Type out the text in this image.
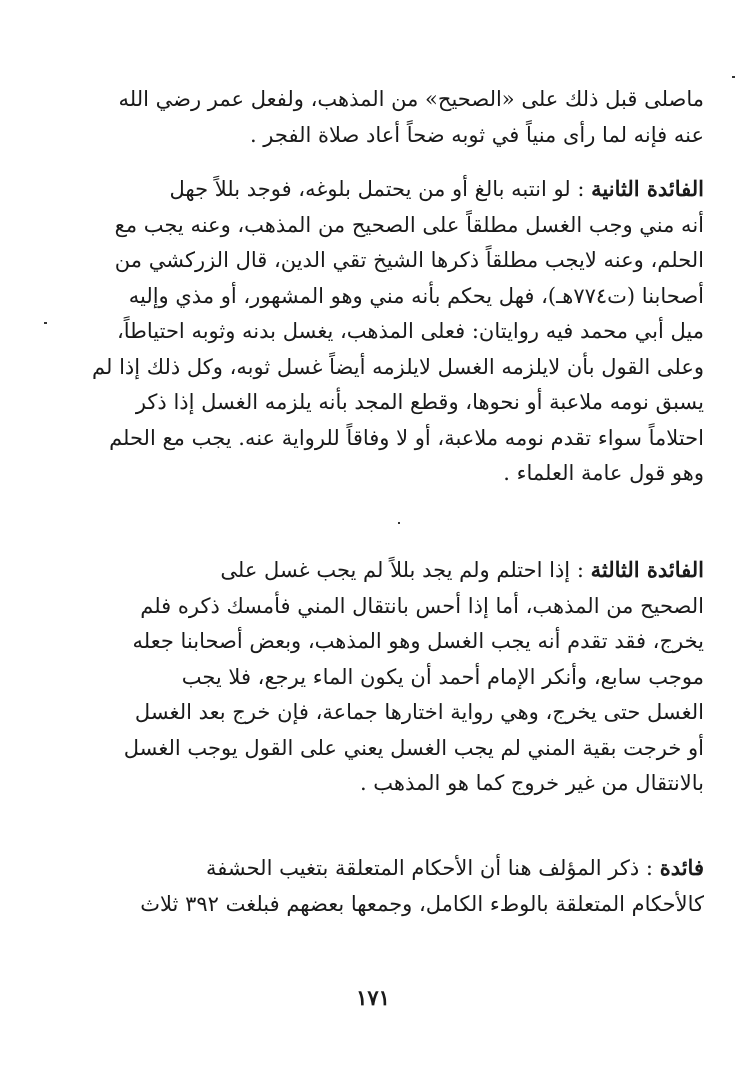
ماصلى قبل ذلك على «الصحيح» من المذهب، ولفعل عمر رضي الله
عنه فإنه لما رأى منياً في ثوبه ضحاً أعاد صلاة الفجر .
الفائدة الثانية : لو انتبه بالغ أو من يحتمل بلوغه، فوجد بللاً جهل
أنه مني وجب الغسل مطلقاً على الصحيح من المذهب، وعنه يجب مع
الحلم، وعنه لايجب مطلقاً ذكرها الشيخ تقي الدين، قال الزركشي من
أصحابنا (ت٧٧٤هـ)، فهل يحكم بأنه مني وهو المشهور، أو مذي وإليه
ميل أبي محمد فيه روايتان: فعلى المذهب، يغسل بدنه وثوبه احتياطاً،
وعلى القول بأن لايلزمه الغسل لايلزمه أيضاً غسل ثوبه، وكل ذلك إذا لم
يسبق نومه ملاعبة أو نحوها، وقطع المجد بأنه يلزمه الغسل إذا ذكر
احتلاماً سواء تقدم نومه ملاعبة، أو لا وفاقاً للرواية عنه. يجب مع الحلم
وهو قول عامة العلماء .
الفائدة الثالثة : إذا احتلم ولم يجد بللاً لم يجب غسل على
الصحيح من المذهب، أما إذا أحس بانتقال المني فأمسك ذكره فلم
يخرج، فقد تقدم أنه يجب الغسل وهو المذهب، وبعض أصحابنا جعله
موجب سابع، وأنكر الإمام أحمد أن يكون الماء يرجع، فلا يجب
الغسل حتى يخرج، وهي رواية اختارها جماعة، فإن خرج بعد الغسل
أو خرجت بقية المني لم يجب الغسل يعني على القول يوجب الغسل
بالانتقال من غير خروج كما هو المذهب .
فائدة : ذكر المؤلف هنا أن الأحكام المتعلقة بتغيب الحشفة
كالأحكام المتعلقة بالوطء الكامل، وجمعها بعضهم فبلغت ٣٩٢ ثلاث
١٧١
